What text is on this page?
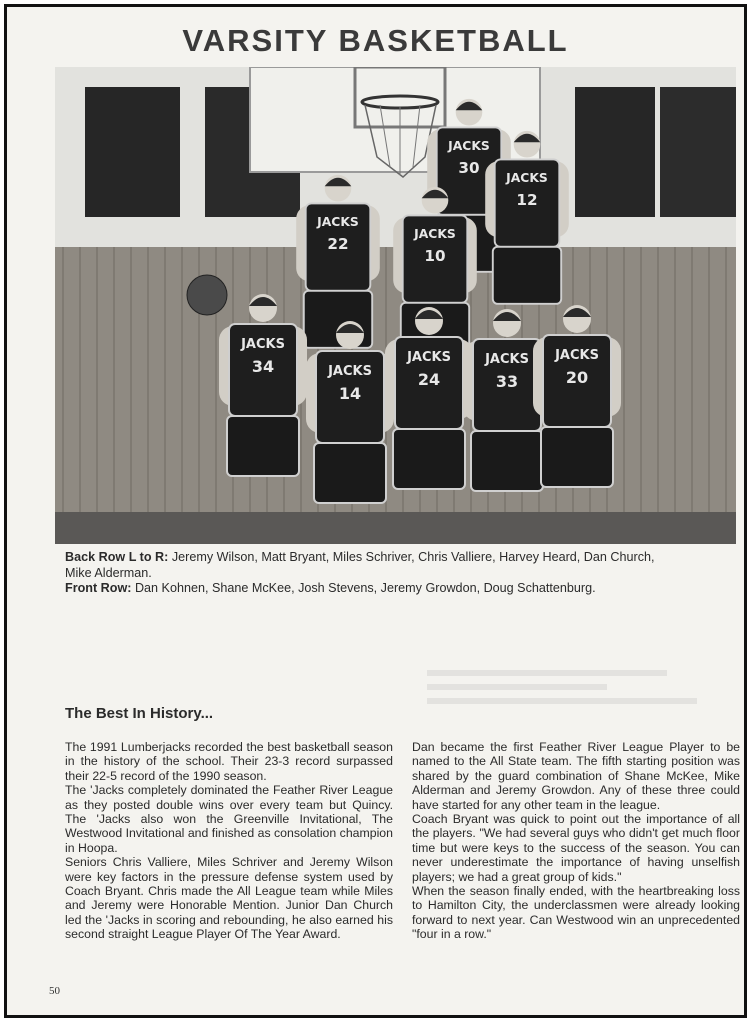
VARSITY BASKETBALL
JACKS
30
JACKS
12
JACKS
22
JACKS
10
JACKS
34	JACKS
14
JACKS
24
JACKS
33
JACKS
20
Back Row L to R: Jeremy Wilson, Matt Bryant, Miles Schriver, Chris Valliere, Harvey Heard, Dan Church,
Mike Alderman.
Front Row: Dan Kohnen, Shane McKee, Josh Stevens, Jeremy Growdon, Doug Schattenburg.
The Best In History...

The 1991 Lumberjacks recorded the best basketball season in the history of the school. Their 23-3 record surpassed their 22-5 record of the 1990 season.

The 'Jacks completely dominated the Feather River League as they posted double wins over every team but Quincy. The 'Jacks also won the Greenville Invitational, The Westwood Invitational and finished as consolation champion in Hoopa.

Seniors Chris Valliere, Miles Schriver and Jeremy Wilson were key factors in the pressure defense system used by Coach Bryant. Chris made the All League team while Miles and Jeremy were Honorable Mention. Junior Dan Church led the 'Jacks in scoring and rebounding, he also earned his second straight League Player Of The Year Award.

Dan became the first Feather River League Player to be named to the All State team. The fifth starting position was shared by the guard combination of Shane McKee, Mike Alderman and Jeremy Growdon. Any of these three could have started for any other team in the league.

Coach Bryant was quick to point out the importance of all the players. "We had several guys who didn't get much floor time but were keys to the success of the season. You can never underestimate the importance of having unselfish players; we had a great group of kids."

When the season finally ended, with the heartbreaking loss to Hamilton City, the underclassmen were already looking forward to next year. Can Westwood win an unprecedented "four in a row."

50
